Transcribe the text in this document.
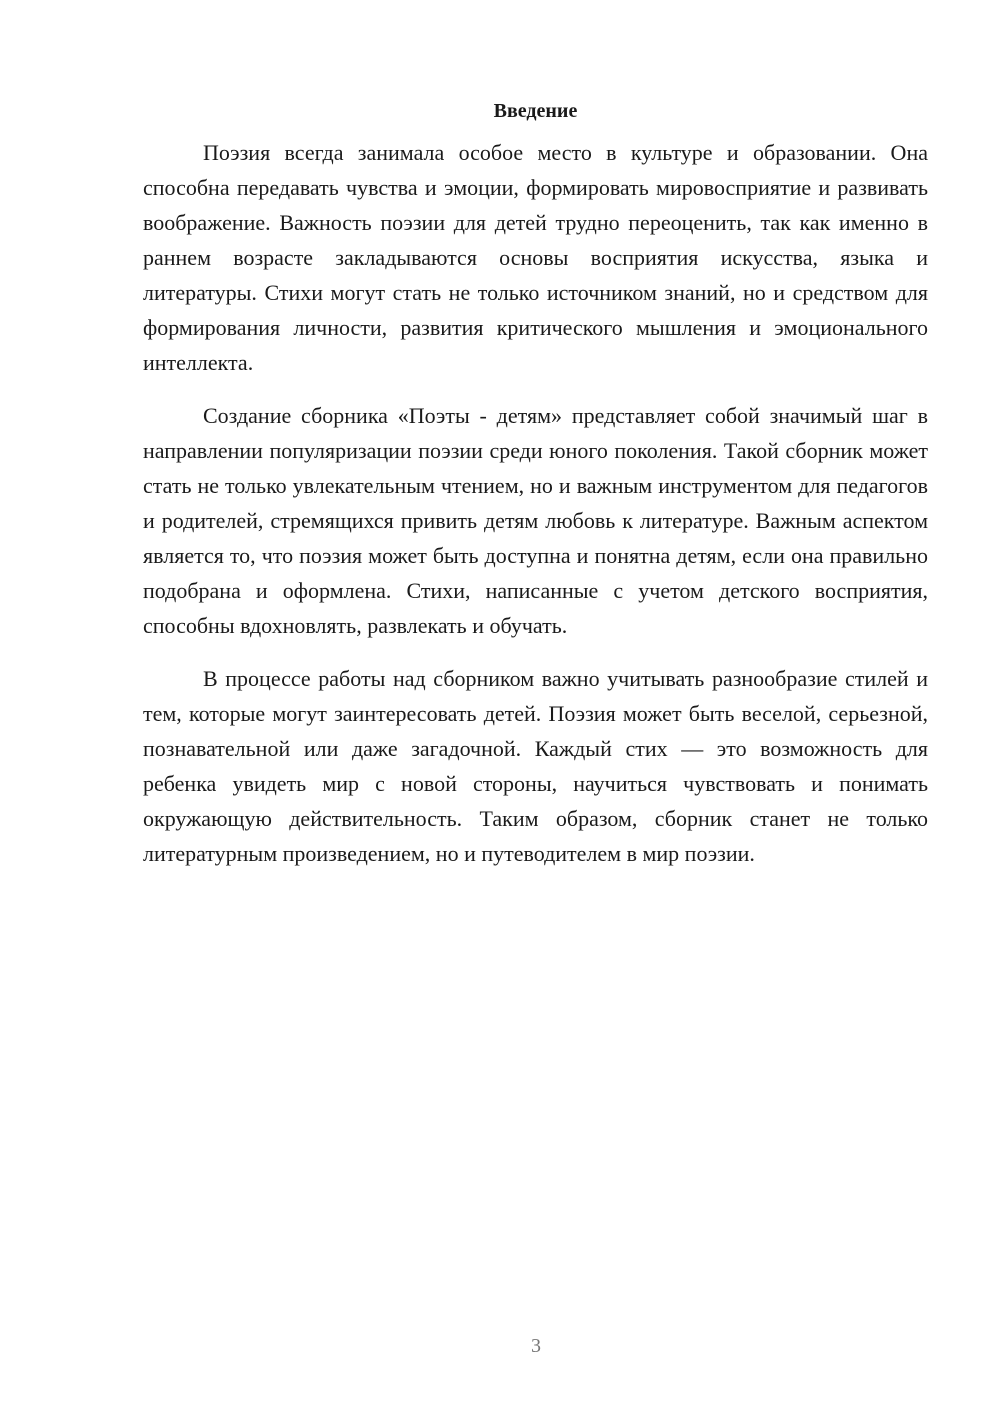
Введение

Поэзия всегда занимала особое место в культуре и образовании. Она способна передавать чувства и эмоции, формировать мировосприятие и развивать воображение. Важность поэзии для детей трудно переоценить, так как именно в раннем возрасте закладываются основы восприятия искусства, языка и литературы. Стихи могут стать не только источником знаний, но и средством для формирования личности, развития критического мышления и эмоционального интеллекта.

Создание сборника «Поэты - детям» представляет собой значимый шаг в направлении популяризации поэзии среди юного поколения. Такой сборник может стать не только увлекательным чтением, но и важным инструментом для педагогов и родителей, стремящихся привить детям любовь к литературе. Важным аспектом является то, что поэзия может быть доступна и понятна детям, если она правильно подобрана и оформлена. Стихи, написанные с учетом детского восприятия, способны вдохновлять, развлекать и обучать.

В процессе работы над сборником важно учитывать разнообразие стилей и тем, которые могут заинтересовать детей. Поэзия может быть веселой, серьезной, познавательной или даже загадочной. Каждый стих — это возможность для ребенка увидеть мир с новой стороны, научиться чувствовать и понимать окружающую действительность. Таким образом, сборник станет не только литературным произведением, но и путеводителем в мир поэзии.

3
